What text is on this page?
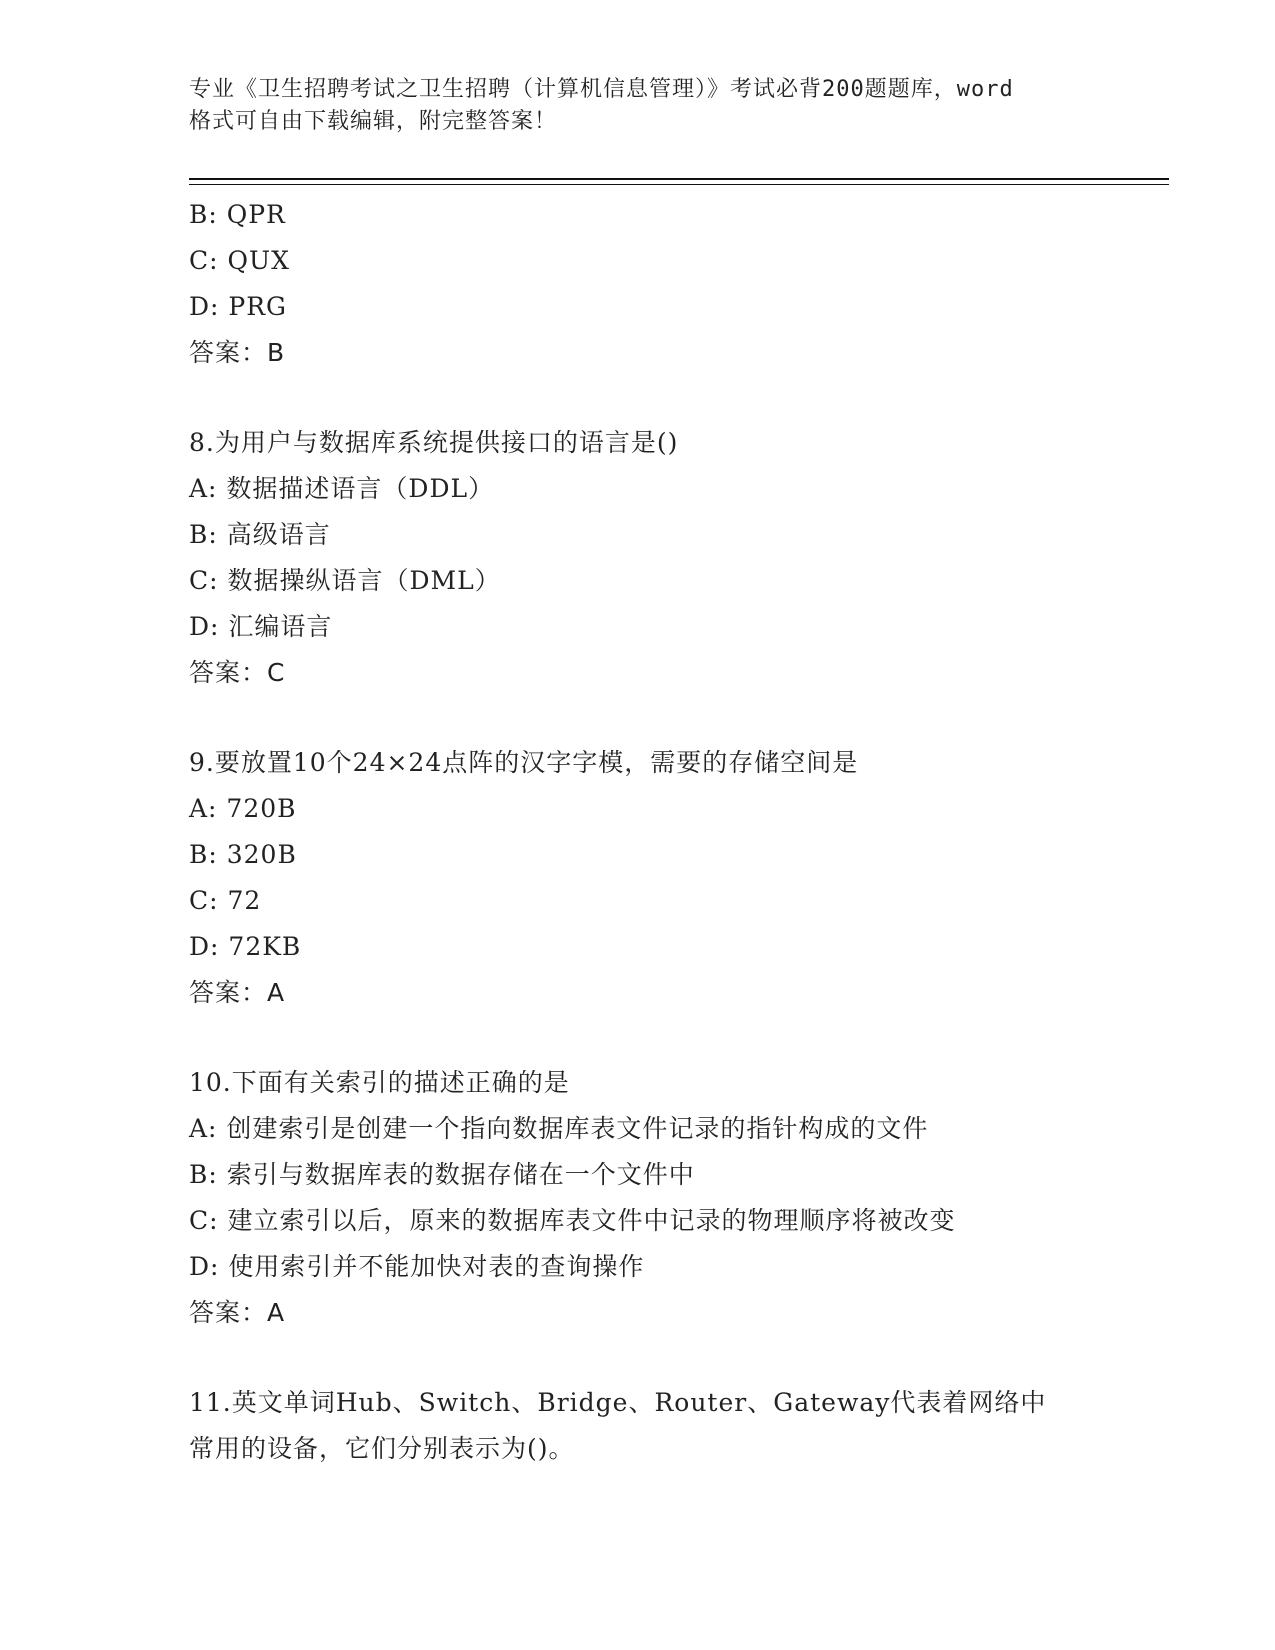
专业《卫生招聘考试之卫生招聘（计算机信息管理）》考试必背200题题库，word
格式可自由下载编辑，附完整答案！
B: QPR
C: QUX
D: PRG
答案：B
8.为用户与数据库系统提供接口的语言是()
A: 数据描述语言（DDL）
B: 高级语言
C: 数据操纵语言（DML）
D: 汇编语言
答案：C
9.要放置10个24×24点阵的汉字字模，需要的存储空间是
A: 720B
B: 320B
C: 72
D: 72KB
答案：A
10.下面有关索引的描述正确的是
A: 创建索引是创建一个指向数据库表文件记录的指针构成的文件
B: 索引与数据库表的数据存储在一个文件中
C: 建立索引以后，原来的数据库表文件中记录的物理顺序将被改变
D: 使用索引并不能加快对表的查询操作
答案：A
11.英文单词Hub、Switch、Bridge、Router、Gateway代表着网络中
常用的设备，它们分别表示为()。
